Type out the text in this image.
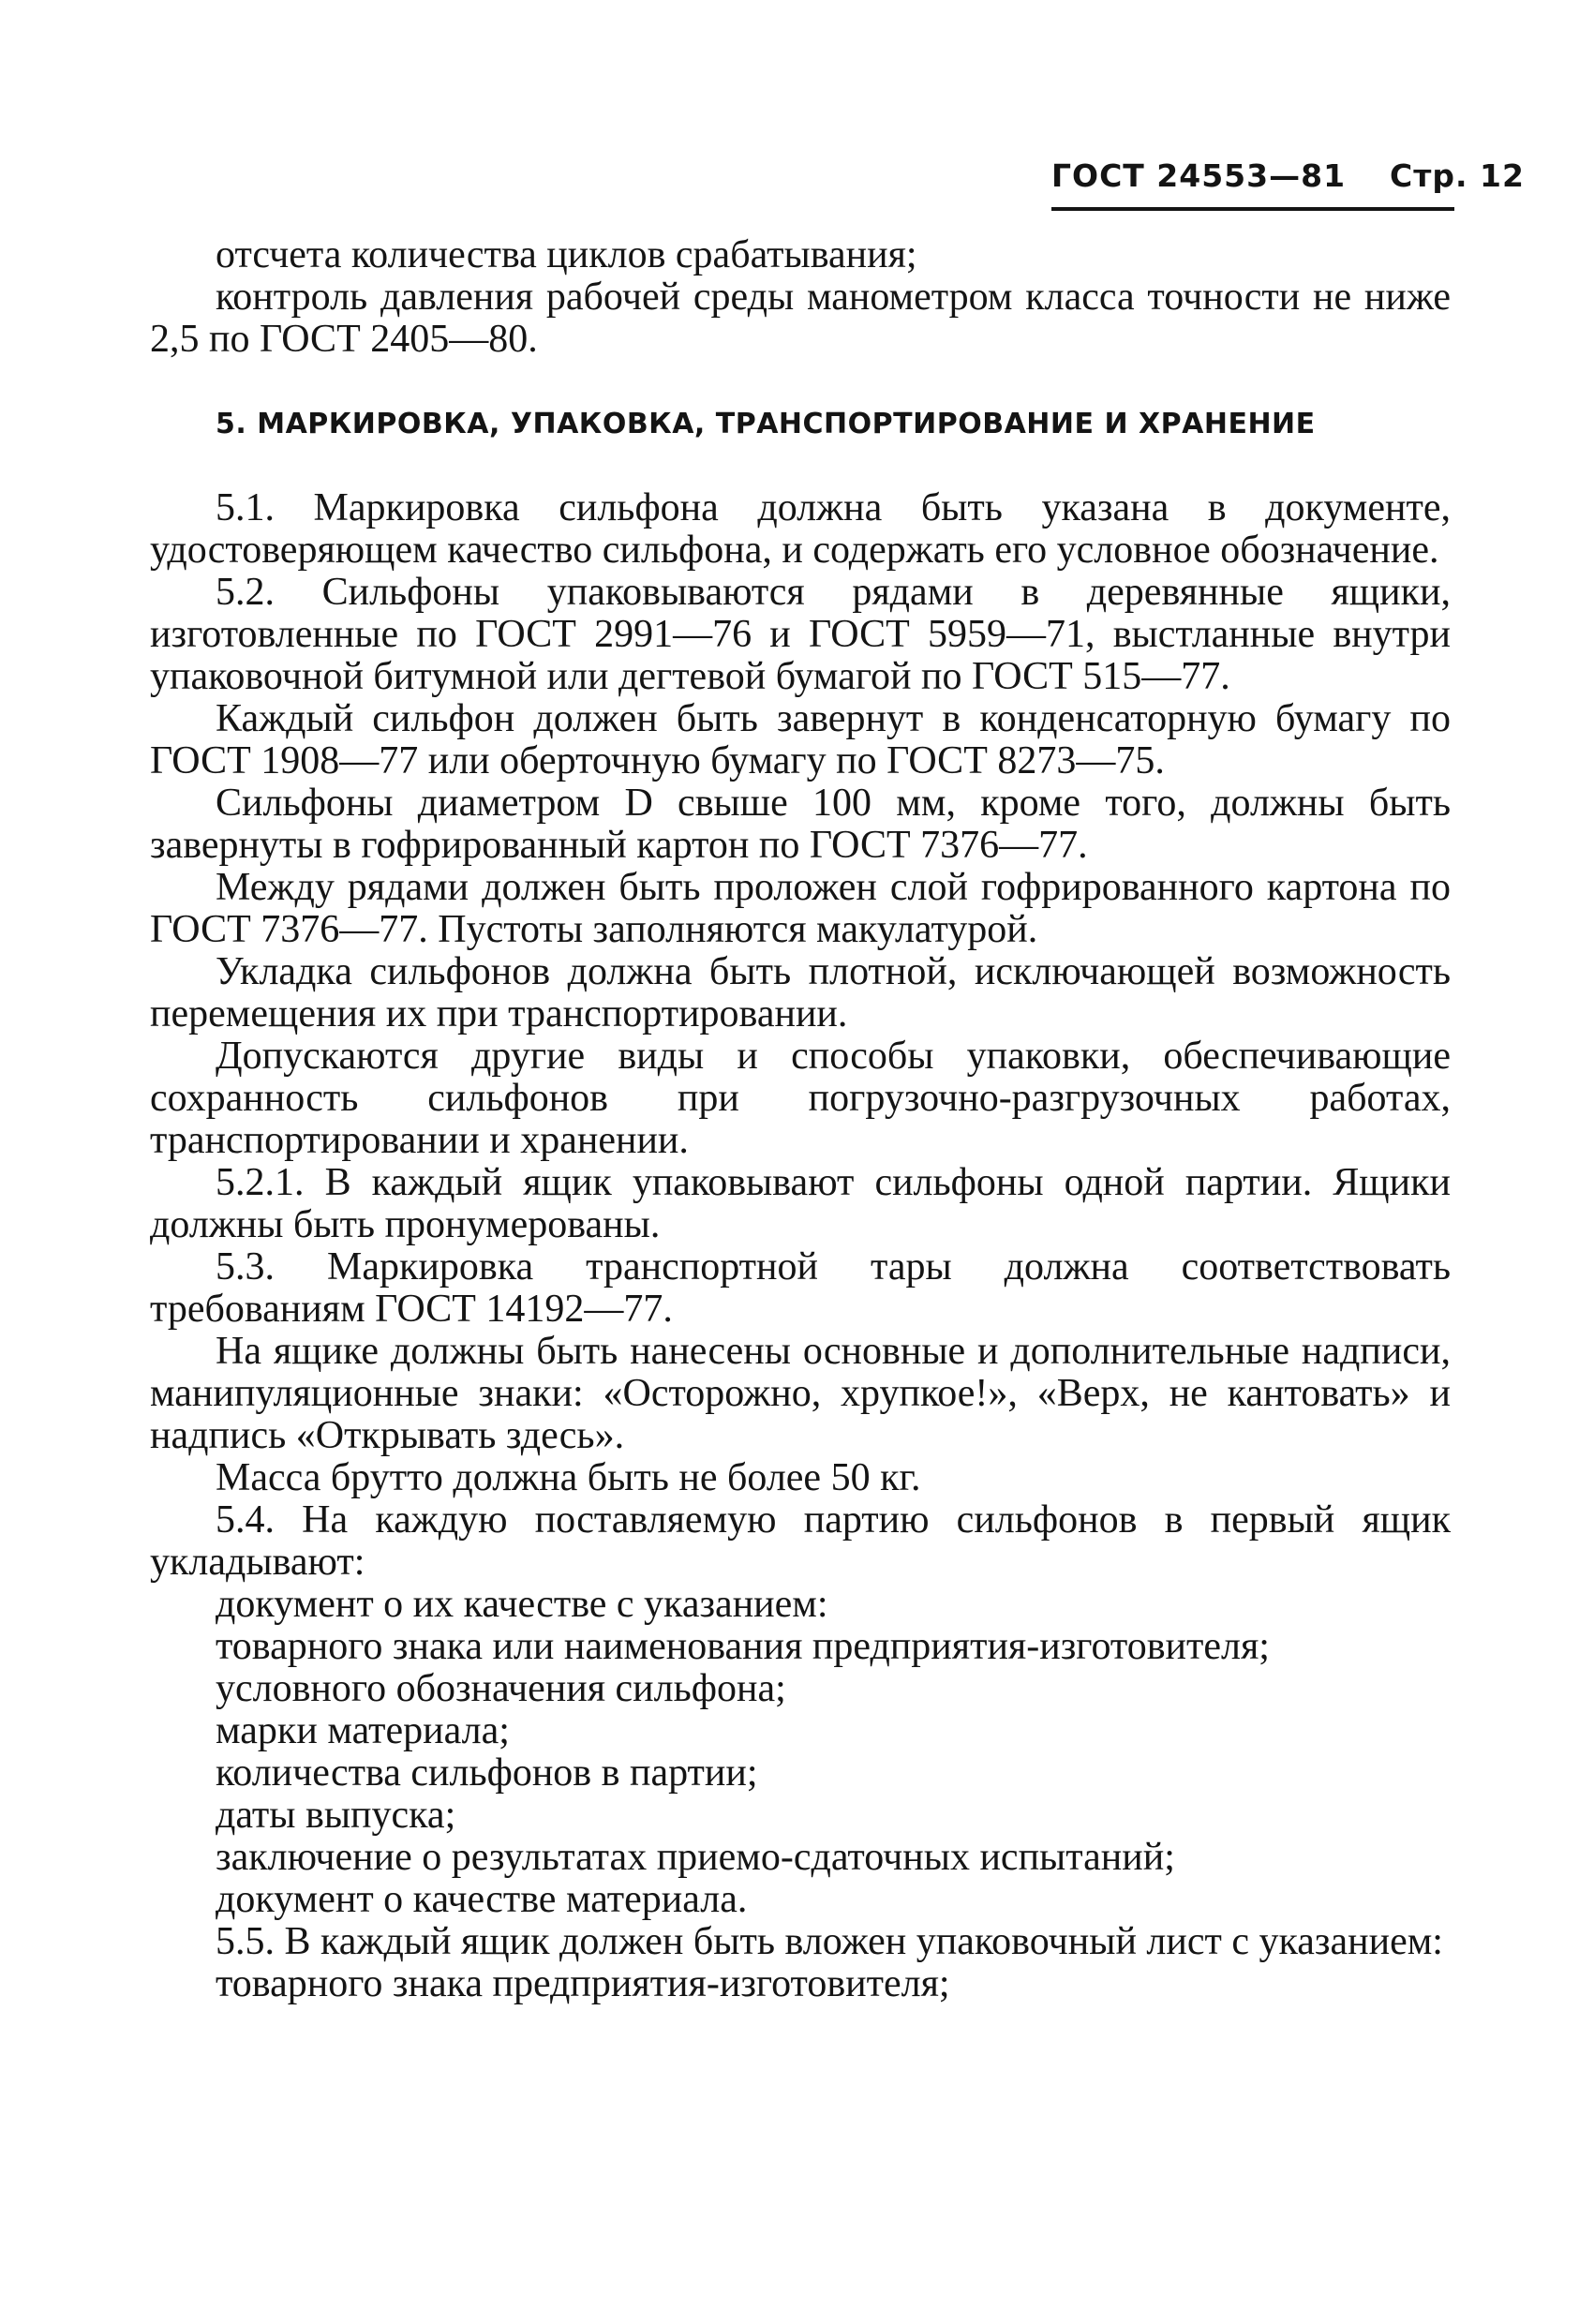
ГОСТ 24553—81 Стр. 12

отсчета количества циклов срабатывания;

контроль давления рабочей среды манометром класса точности не ниже 2,5 по ГОСТ 2405—80.

5. МАРКИРОВКА, УПАКОВКА, ТРАНСПОРТИРОВАНИЕ И ХРАНЕНИЕ

5.1. Маркировка сильфона должна быть указана в документе, удостоверяющем качество сильфона, и содержать его условное обозначение.

5.2. Сильфоны упаковываются рядами в деревянные ящики, изготовленные по ГОСТ 2991—76 и ГОСТ 5959—71, выстланные внутри упаковочной битумной или дегтевой бумагой по ГОСТ 515—77.

Каждый сильфон должен быть завернут в конденсаторную бумагу по ГОСТ 1908—77 или оберточную бумагу по ГОСТ 8273—75.

Сильфоны диаметром D свыше 100 мм, кроме того, должны быть завернуты в гофрированный картон по ГОСТ 7376—77.

Между рядами должен быть проложен слой гофрированного картона по ГОСТ 7376—77. Пустоты заполняются макулатурой.

Укладка сильфонов должна быть плотной, исключающей возможность перемещения их при транспортировании.

Допускаются другие виды и способы упаковки, обеспечивающие сохранность сильфонов при погрузочно-разгрузочных работах, транспортировании и хранении.

5.2.1. В каждый ящик упаковывают сильфоны одной партии. Ящики должны быть пронумерованы.

5.3. Маркировка транспортной тары должна соответствовать требованиям ГОСТ 14192—77.

На ящике должны быть нанесены основные и дополнительные надписи, манипуляционные знаки: «Осторожно, хрупкое!», «Верх, не кантовать» и надпись «Открывать здесь».

Масса брутто должна быть не более 50 кг.

5.4. На каждую поставляемую партию сильфонов в первый ящик укладывают:

документ о их качестве с указанием:

товарного знака или наименования предприятия-изготовителя;

условного обозначения сильфона;

марки материала;

количества сильфонов в партии;

даты выпуска;

заключение о результатах приемо-сдаточных испытаний;

документ о качестве материала.

5.5. В каждый ящик должен быть вложен упаковочный лист с указанием:

товарного знака предприятия-изготовителя;
